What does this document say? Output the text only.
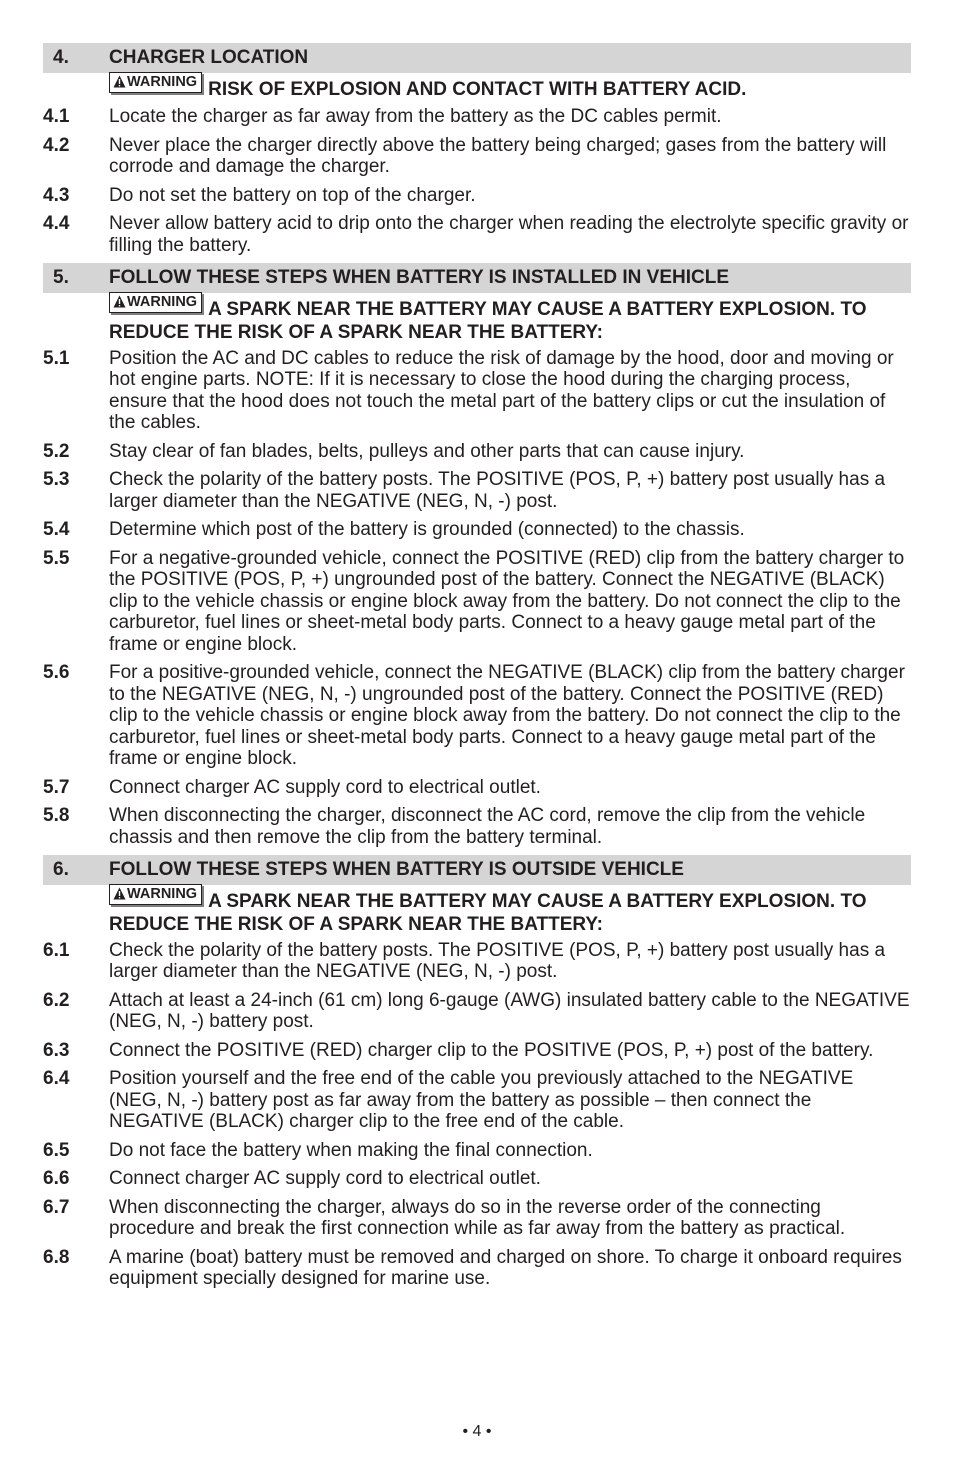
4.	CHARGER LOCATION
WARNING RISK OF EXPLOSION AND CONTACT WITH BATTERY ACID.
4.1	Locate the charger as far away from the battery as the DC cables permit.
4.2	Never place the charger directly above the battery being charged; gases from the battery will corrode and damage the charger.
4.3	Do not set the battery on top of the charger.
4.4	Never allow battery acid to drip onto the charger when reading the electrolyte specific gravity or filling the battery.
5.	FOLLOW THESE STEPS WHEN BATTERY IS INSTALLED IN VEHICLE
WARNING A SPARK NEAR THE BATTERY MAY CAUSE A BATTERY EXPLOSION. TO REDUCE THE RISK OF A SPARK NEAR THE BATTERY:
5.1	Position the AC and DC cables to reduce the risk of damage by the hood, door and moving or hot engine parts. NOTE: If it is necessary to close the hood during the charging process, ensure that the hood does not touch the metal part of the battery clips or cut the insulation of the cables.
5.2	Stay clear of fan blades, belts, pulleys and other parts that can cause injury.
5.3	Check the polarity of the battery posts. The POSITIVE (POS, P, +) battery post usually has a larger diameter than the NEGATIVE (NEG, N, -) post.
5.4	Determine which post of the battery is grounded (connected) to the chassis.
5.5	For a negative-grounded vehicle, connect the POSITIVE (RED) clip from the battery charger to the POSITIVE (POS, P, +) ungrounded post of the battery. Connect the NEGATIVE (BLACK) clip to the vehicle chassis or engine block away from the battery. Do not connect the clip to the carburetor, fuel lines or sheet-metal body parts. Connect to a heavy gauge metal part of the frame or engine block.
5.6	For a positive-grounded vehicle, connect the NEGATIVE (BLACK) clip from the battery charger to the NEGATIVE (NEG, N, -) ungrounded post of the battery. Connect the POSITIVE (RED) clip to the vehicle chassis or engine block away from the battery. Do not connect the clip to the carburetor, fuel lines or sheet-metal body parts. Connect to a heavy gauge metal part of the frame or engine block.
5.7	Connect charger AC supply cord to electrical outlet.
5.8	When disconnecting the charger, disconnect the AC cord, remove the clip from the vehicle chassis and then remove the clip from the battery terminal.
6.	FOLLOW THESE STEPS WHEN BATTERY IS OUTSIDE VEHICLE
WARNING A SPARK NEAR THE BATTERY MAY CAUSE A BATTERY EXPLOSION. TO REDUCE THE RISK OF A SPARK NEAR THE BATTERY:
6.1	Check the polarity of the battery posts. The POSITIVE (POS, P, +) battery post usually has a larger diameter than the NEGATIVE (NEG, N, -) post.
6.2	Attach at least a 24-inch (61 cm) long 6-gauge (AWG) insulated battery cable to the NEGATIVE (NEG, N, -) battery post.
6.3	Connect the POSITIVE (RED) charger clip to the POSITIVE (POS, P, +) post of the battery.
6.4	Position yourself and the free end of the cable you previously attached to the NEGATIVE (NEG, N, -) battery post as far away from the battery as possible – then connect the NEGATIVE (BLACK) charger clip to the free end of the cable.
6.5	Do not face the battery when making the final connection.
6.6	Connect charger AC supply cord to electrical outlet.
6.7	When disconnecting the charger, always do so in the reverse order of the connecting procedure and break the first connection while as far away from the battery as practical.
6.8	A marine (boat) battery must be removed and charged on shore. To charge it onboard requires equipment specially designed for marine use.
• 4 •
